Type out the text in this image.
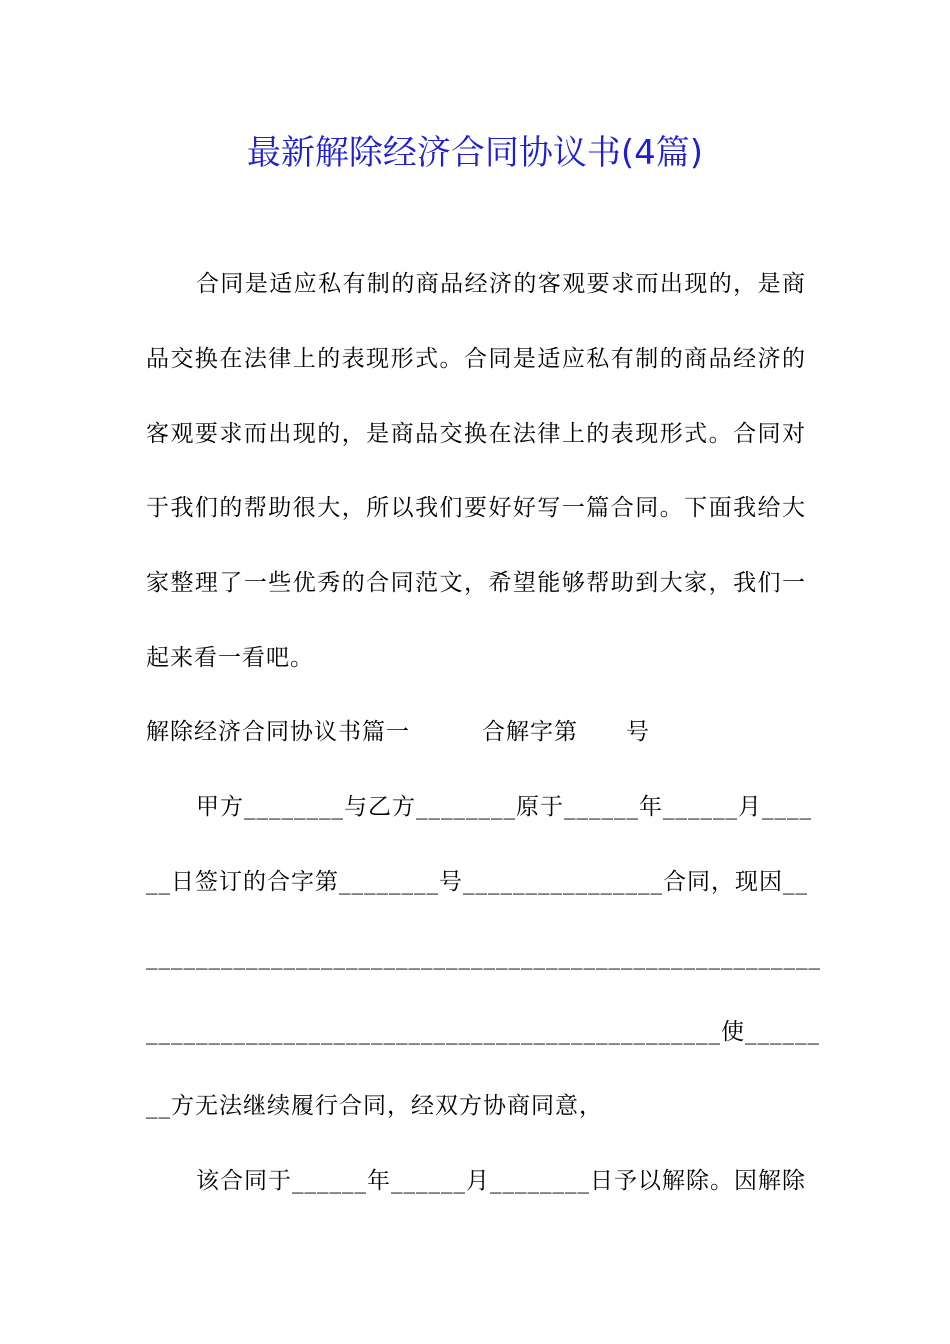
最新解除经济合同协议书(4篇)
合同是适应私有制的商品经济的客观要求而出现的，是商
品交换在法律上的表现形式。合同是适应私有制的商品经济的
客观要求而出现的，是商品交换在法律上的表现形式。合同对
于我们的帮助很大，所以我们要好好写一篇合同。下面我给大
家整理了一些优秀的合同范文，希望能够帮助到大家，我们一
起来看一看吧。
解除经济合同协议书篇一　　　合解字第　　号
甲方________与乙方________原于______年______月____
__日签订的合字第________号________________合同，现因__
______________________________________________________
______________________________________________使______
__方无法继续履行合同，经双方协商同意，
该合同于______年______月________日予以解除。因解除
